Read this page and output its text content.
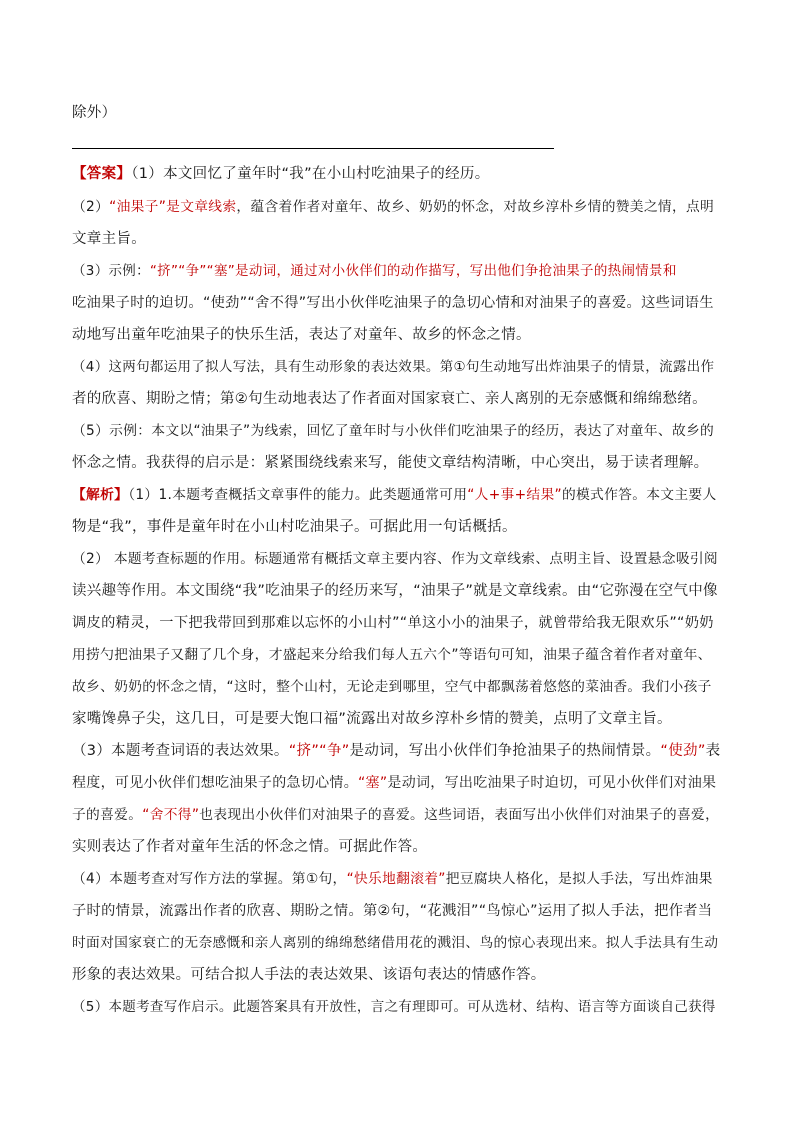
除外）
【答案】（1）本文回忆了童年时“我”在小山村吃油果子的经历。
（2）“油果子”是文章线索，蕴含着作者对童年、故乡、奶奶的怀念，对故乡淳朴乡情的赞美之情，点明
文章主旨。
（3）示例：“挤”“争”“塞”是动词，通过对小伙伴们的动作描写，写出他们争抢油果子的热闹情景和
吃油果子时的迫切。“使劲”“舍不得”写出小伙伴吃油果子的急切心情和对油果子的喜爱。这些词语生
动地写出童年吃油果子的快乐生活，表达了对童年、故乡的怀念之情。
（4）这两句都运用了拟人写法，具有生动形象的表达效果。第①句生动地写出炸油果子的情景，流露出作
者的欣喜、期盼之情；第②句生动地表达了作者面对国家衰亡、亲人离别的无奈感慨和绵绵愁绪。
（5）示例：本文以“油果子”为线索，回忆了童年时与小伙伴们吃油果子的经历，表达了对童年、故乡的
怀念之情。我获得的启示是：紧紧围绕线索来写，能使文章结构清晰，中心突出，易于读者理解。
【解析】（1）1.本题考查概括文章事件的能力。此类题通常可用“人+事+结果”的模式作答。本文主要人
物是“我”，事件是童年时在小山村吃油果子。可据此用一句话概括。
（2） 本题考查标题的作用。标题通常有概括文章主要内容、作为文章线索、点明主旨、设置悬念吸引阅
读兴趣等作用。本文围绕“我”吃油果子的经历来写，“油果子”就是文章线索。由“它弥漫在空气中像
调皮的精灵，一下把我带回到那难以忘怀的小山村”“单这小小的油果子，就曾带给我无限欢乐”“奶奶
用捞勺把油果子又翻了几个身，才盛起来分给我们每人五六个”等语句可知，油果子蕴含着作者对童年、
故乡、奶奶的怀念之情，“这时，整个山村，无论走到哪里，空气中都飘荡着悠悠的菜油香。我们小孩子
家嘴馋鼻子尖，这几日，可是要大饱口福”流露出对故乡淳朴乡情的赞美，点明了文章主旨。
（3）本题考查词语的表达效果。“挤”“争”是动词，写出小伙伴们争抢油果子的热闹情景。“使劲”表
程度，可见小伙伴们想吃油果子的急切心情。“塞”是动词，写出吃油果子时迫切，可见小伙伴们对油果
子的喜爱。“舍不得”也表现出小伙伴们对油果子的喜爱。这些词语，表面写出小伙伴们对油果子的喜爱，
实则表达了作者对童年生活的怀念之情。可据此作答。
（4）本题考查对写作方法的掌握。第①句，“快乐地翻滚着”把豆腐块人格化，是拟人手法，写出炸油果
子时的情景，流露出作者的欣喜、期盼之情。第②句，“花溅泪”“鸟惊心”运用了拟人手法，把作者当
时面对国家衰亡的无奈感慨和亲人离别的绵绵愁绪借用花的溅泪、鸟的惊心表现出来。拟人手法具有生动
形象的表达效果。可结合拟人手法的表达效果、该语句表达的情感作答。
（5）本题考查写作启示。此题答案具有开放性，言之有理即可。可从选材、结构、语言等方面谈自己获得
